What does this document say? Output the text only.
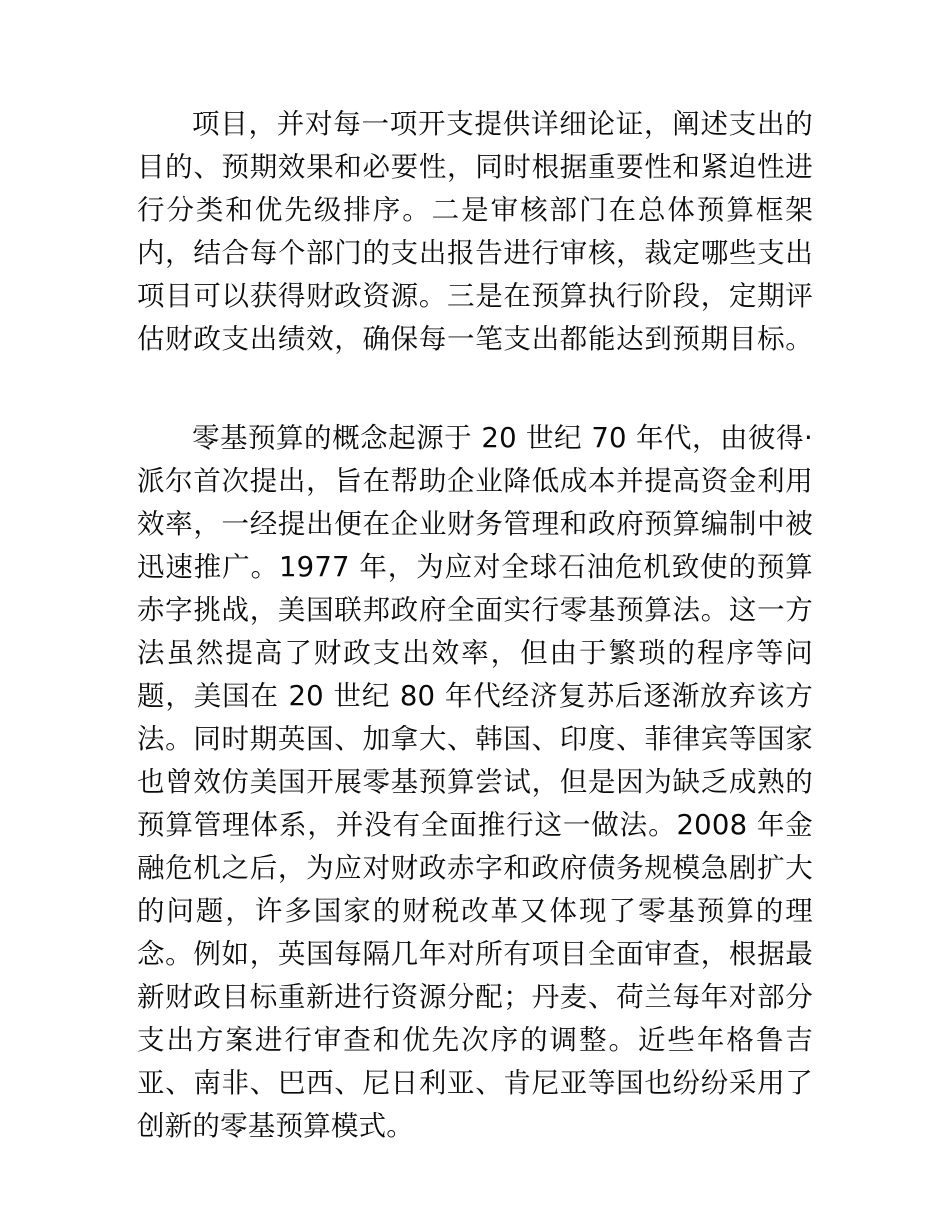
项目，并对每一项开支提供详细论证，阐述支出的目的、预期效果和必要性，同时根据重要性和紧迫性进行分类和优先级排序。二是审核部门在总体预算框架内，结合每个部门的支出报告进行审核，裁定哪些支出项目可以获得财政资源。三是在预算执行阶段，定期评估财政支出绩效，确保每一笔支出都能达到预期目标。

零基预算的概念起源于 20 世纪 70 年代，由彼得·派尔首次提出，旨在帮助企业降低成本并提高资金利用效率，一经提出便在企业财务管理和政府预算编制中被迅速推广。1977 年，为应对全球石油危机致使的预算赤字挑战，美国联邦政府全面实行零基预算法。这一方法虽然提高了财政支出效率，但由于繁琐的程序等问题，美国在 20 世纪 80 年代经济复苏后逐渐放弃该方法。同时期英国、加拿大、韩国、印度、菲律宾等国家也曾效仿美国开展零基预算尝试，但是因为缺乏成熟的预算管理体系，并没有全面推行这一做法。2008 年金融危机之后，为应对财政赤字和政府债务规模急剧扩大的问题，许多国家的财税改革又体现了零基预算的理念。例如，英国每隔几年对所有项目全面审查，根据最新财政目标重新进行资源分配；丹麦、荷兰每年对部分支出方案进行审查和优先次序的调整。近些年格鲁吉亚、南非、巴西、尼日利亚、肯尼亚等国也纷纷采用了创新的零基预算模式。
